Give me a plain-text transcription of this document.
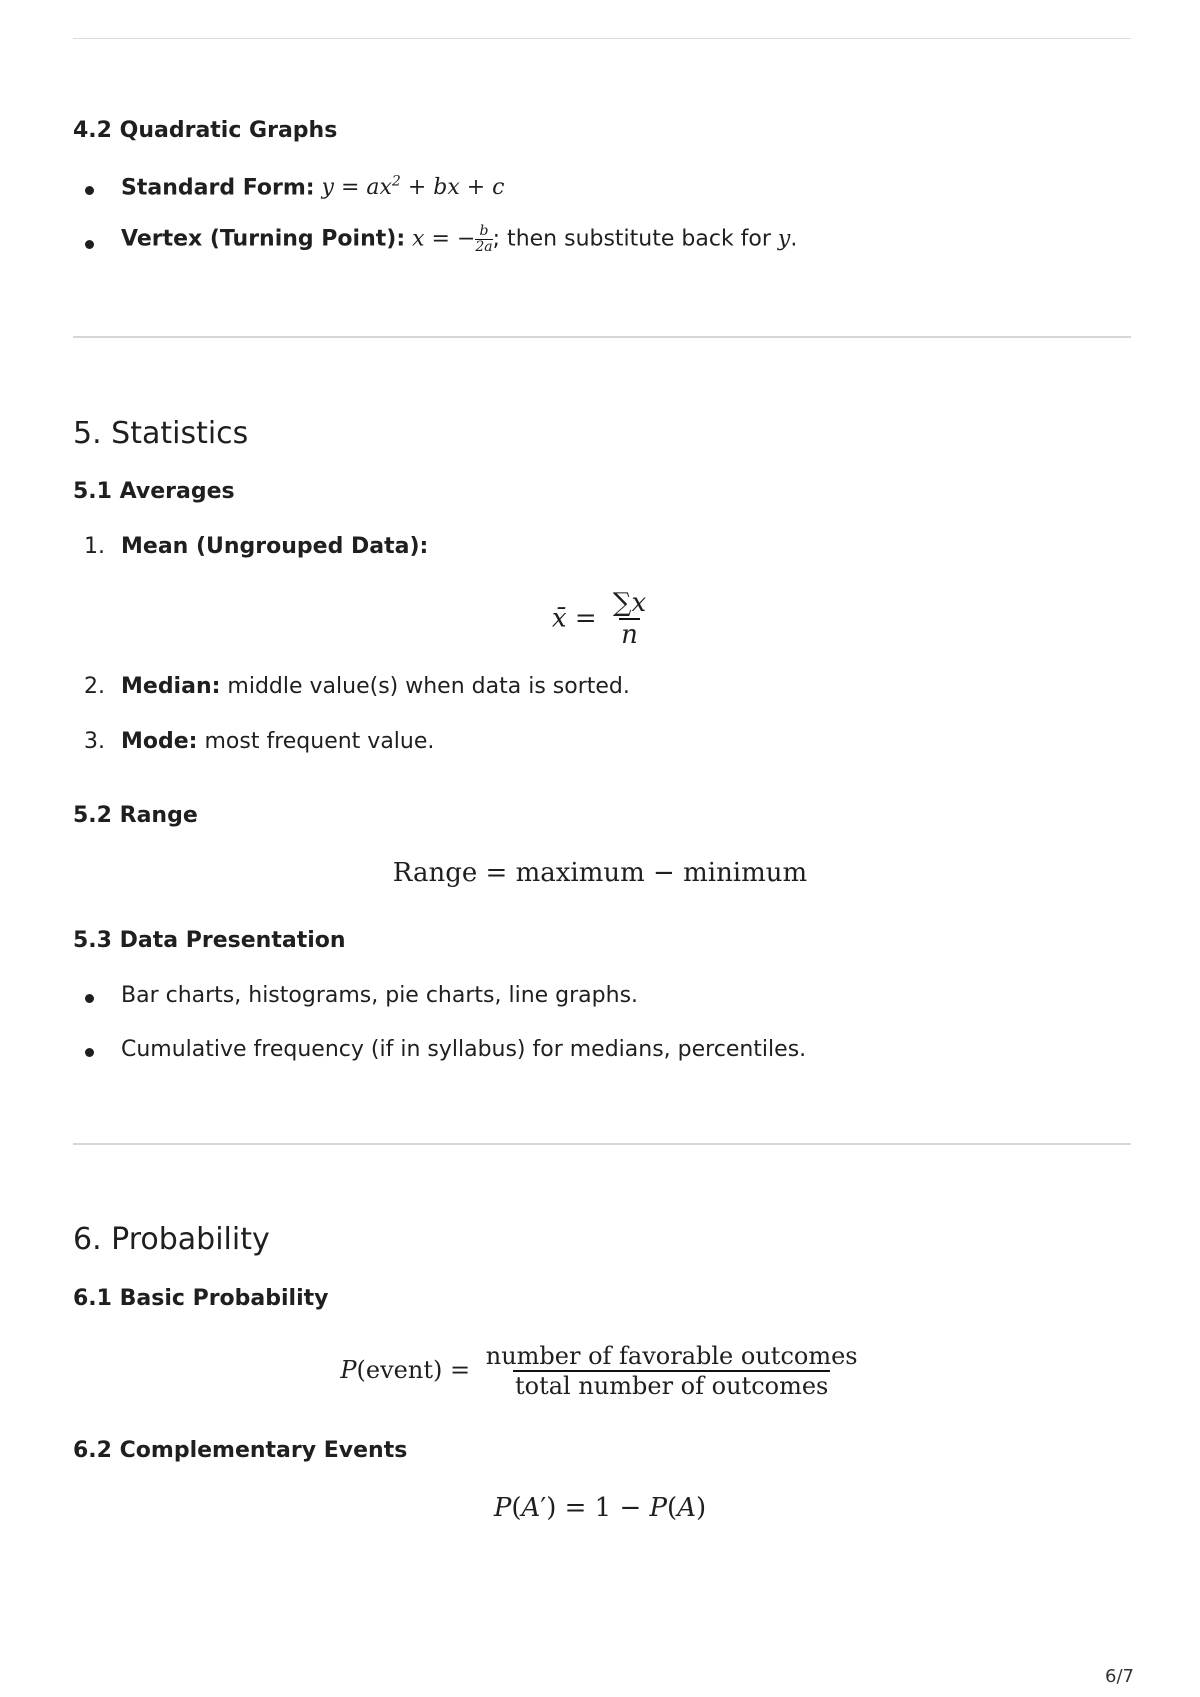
4.2 Quadratic Graphs
Standard Form: $y = ax^2$ + bx + c
Vertex (Turning Point): x = − $\frac{b}{2a}$ ; then substitute back for y.
5. Statistics
5.1 Averages
1. Mean (Ungrouped Data):
x̄ = $\frac{\sum x}{n}$
2. Median: middle value(s) when data is sorted.
3. Mode: most frequent value.
5.2 Range
Range = maximum − minimum
5.3 Data Presentation
Bar charts, histograms, pie charts, line graphs.
Cumulative frequency (if in syllabus) for medians, percentiles.
6. Probability
6.1 Basic Probability
P(event) = $\frac{\text{number of favorable outcomes}}{\text{total number of outcomes}}$
6.2 Complementary Events
P(A′) = 1 − P(A)
6/7
